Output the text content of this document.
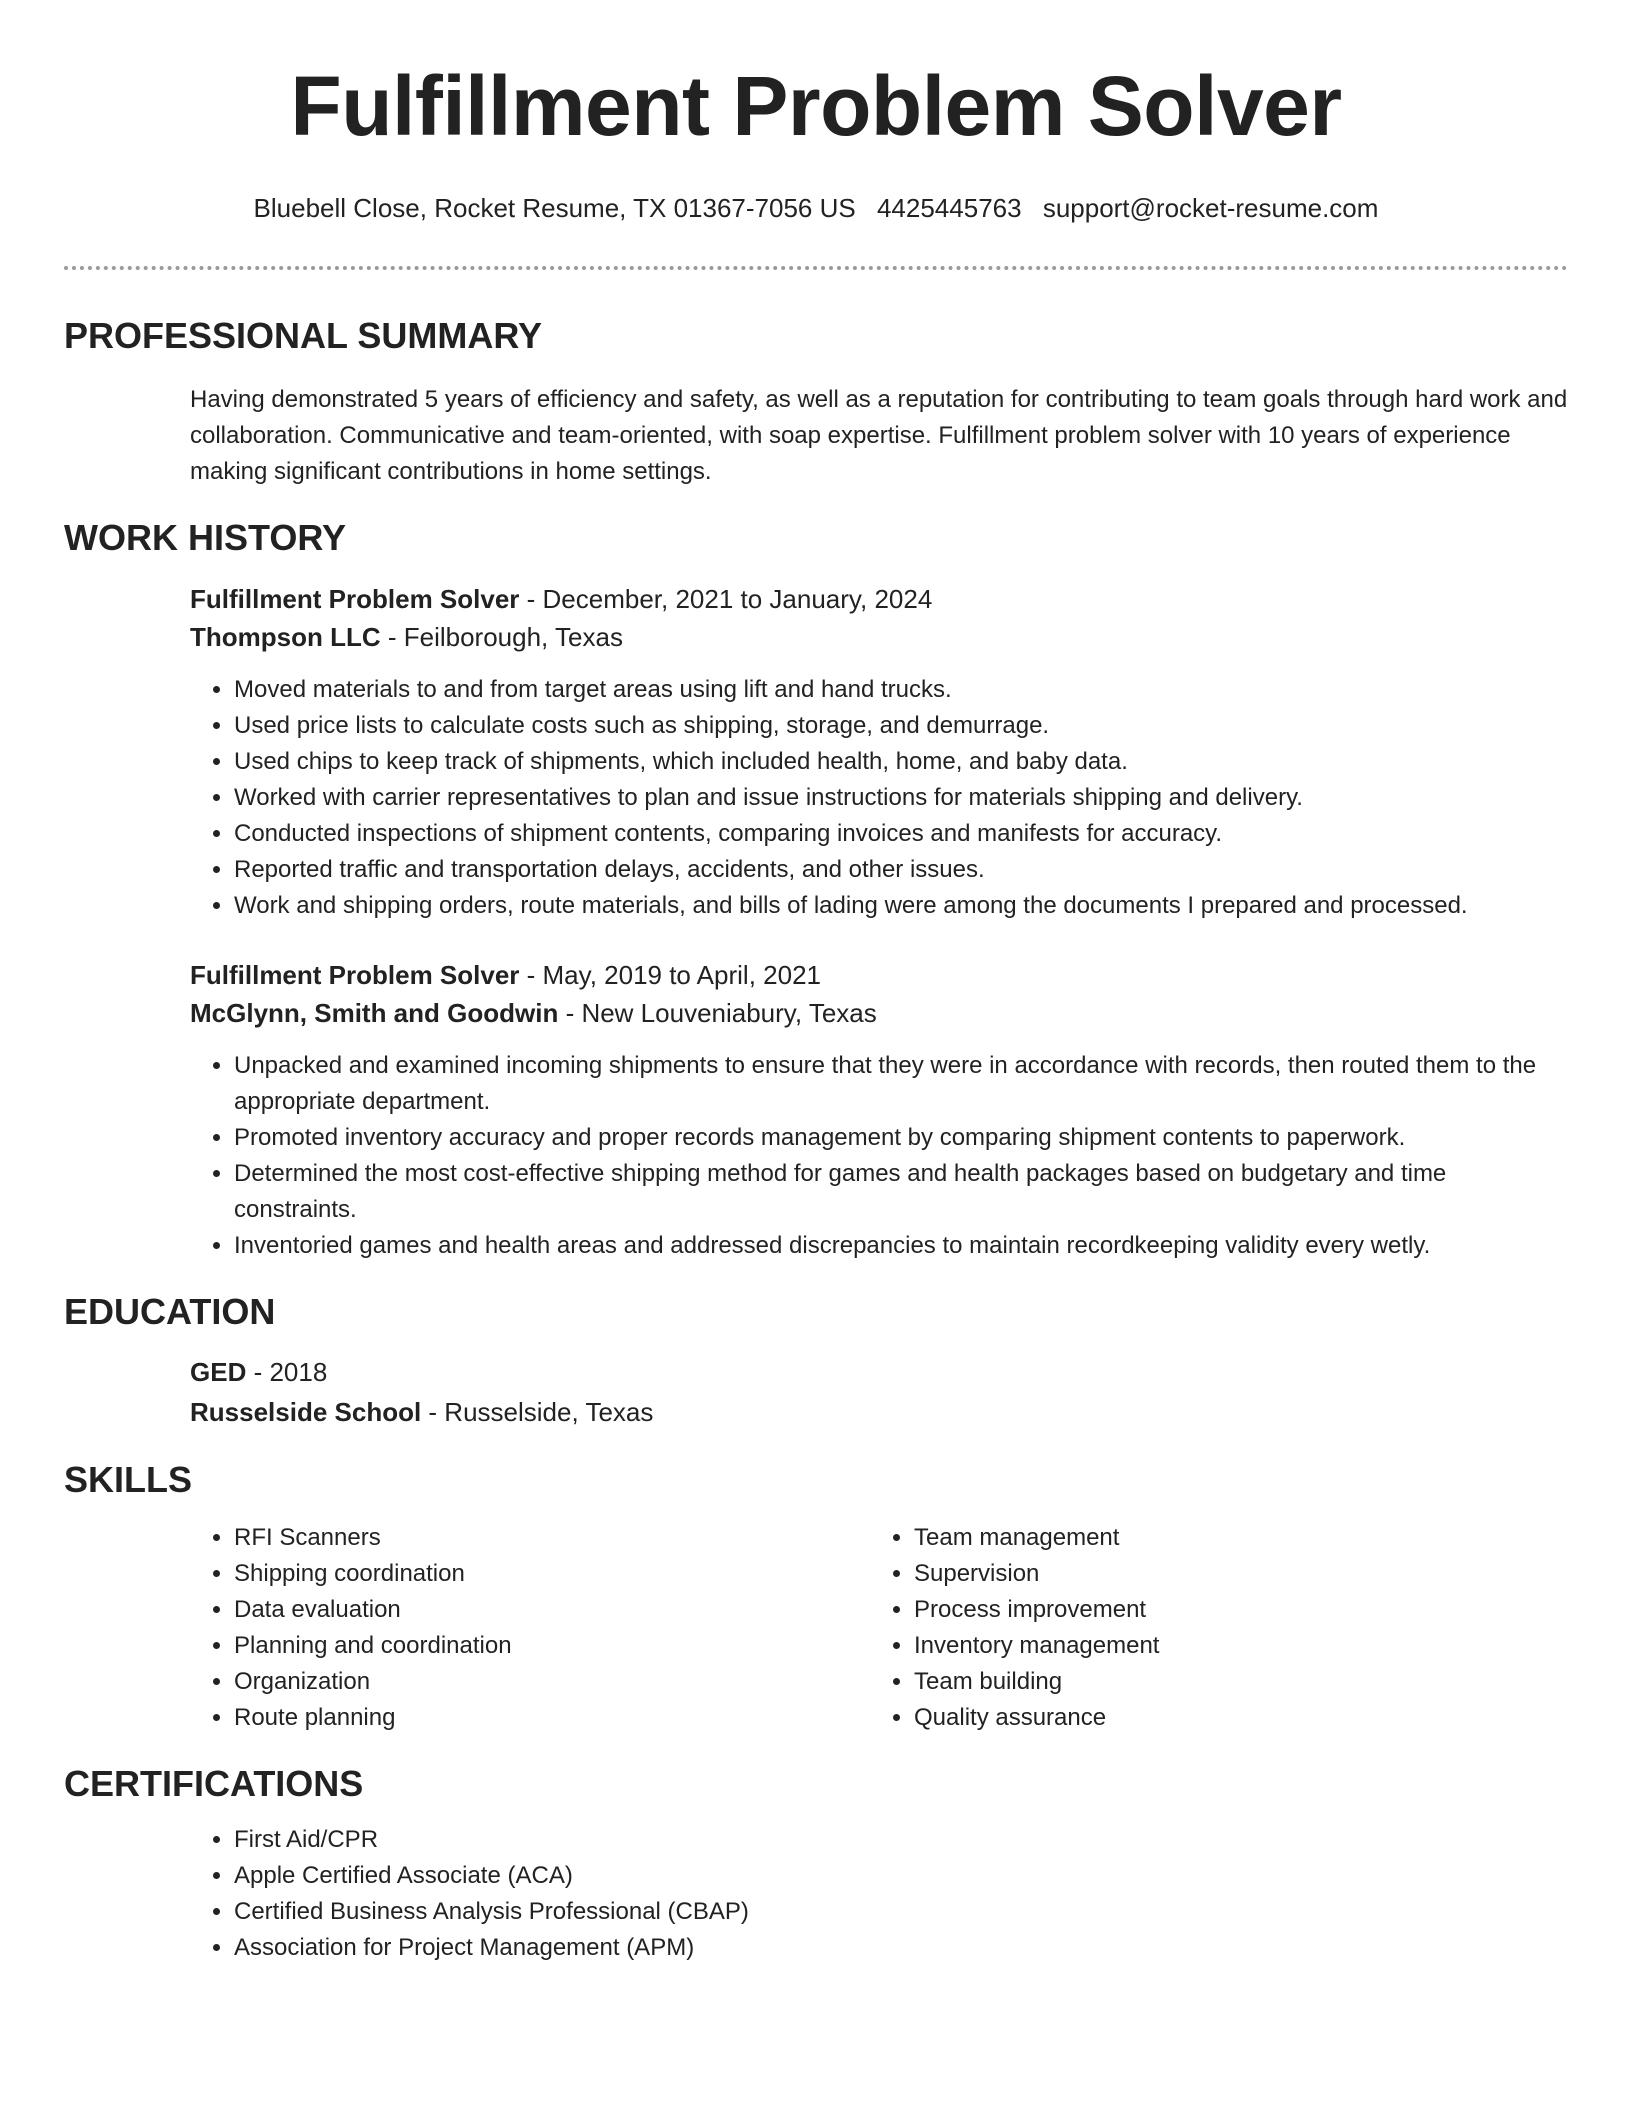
Fulfillment Problem Solver
Bluebell Close, Rocket Resume, TX 01367-7056 US 4425445763 support@rocket-resume.com
PROFESSIONAL SUMMARY
Having demonstrated 5 years of efficiency and safety, as well as a reputation for contributing to team goals through hard work and collaboration. Communicative and team-oriented, with soap expertise. Fulfillment problem solver with 10 years of experience making significant contributions in home settings.
WORK HISTORY
Fulfillment Problem Solver - December, 2021 to January, 2024
Thompson LLC - Feilborough, Texas
• Moved materials to and from target areas using lift and hand trucks.
• Used price lists to calculate costs such as shipping, storage, and demurrage.
• Used chips to keep track of shipments, which included health, home, and baby data.
• Worked with carrier representatives to plan and issue instructions for materials shipping and delivery.
• Conducted inspections of shipment contents, comparing invoices and manifests for accuracy.
• Reported traffic and transportation delays, accidents, and other issues.
• Work and shipping orders, route materials, and bills of lading were among the documents I prepared and processed.
Fulfillment Problem Solver - May, 2019 to April, 2021
McGlynn, Smith and Goodwin - New Louveniabury, Texas
• Unpacked and examined incoming shipments to ensure that they were in accordance with records, then routed them to the appropriate department.
• Promoted inventory accuracy and proper records management by comparing shipment contents to paperwork.
• Determined the most cost-effective shipping method for games and health packages based on budgetary and time constraints.
• Inventoried games and health areas and addressed discrepancies to maintain recordkeeping validity every wetly.
EDUCATION
GED - 2018
Russelside School - Russelside, Texas
SKILLS
• RFI Scanners
• Shipping coordination
• Data evaluation
• Planning and coordination
• Organization
• Route planning
• Team management
• Supervision
• Process improvement
• Inventory management
• Team building
• Quality assurance
CERTIFICATIONS
• First Aid/CPR
• Apple Certified Associate (ACA)
• Certified Business Analysis Professional (CBAP)
• Association for Project Management (APM)
